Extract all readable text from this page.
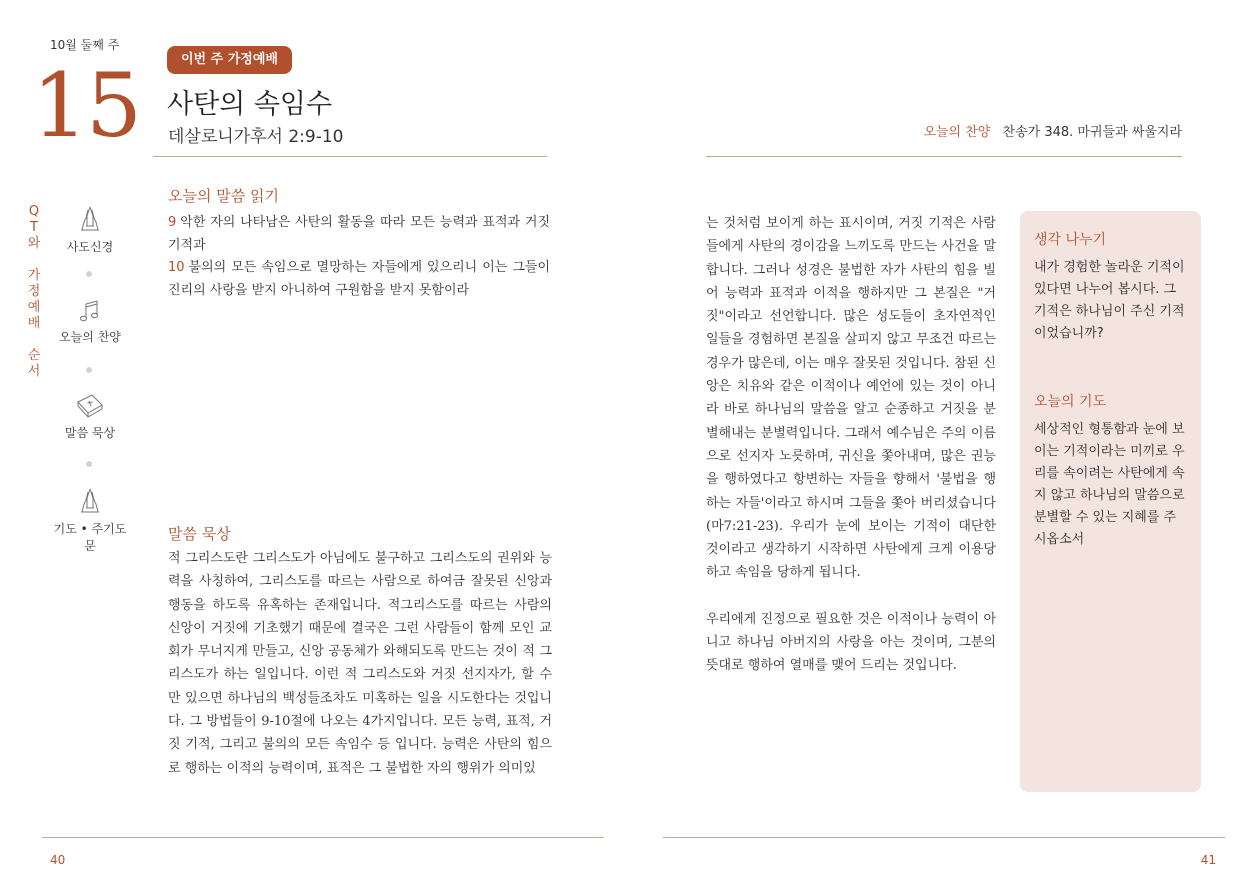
10월 둘째 주
15	이번 주 가정예배
사탄의 속임수
데살로니가후서 2:9-10	오늘의 찬양 찬송가 348. 마귀들과 싸울지라
Q
T
와
가
정
예
배
순
서
사도신경
오늘의 찬양
말씀 묵상
기도 • 주기도문
오늘의 말씀 읽기

9 악한 자의 나타남은 사탄의 활동을 따라 모든 능력과 표적과 거짓 기적과

10 불의의 모든 속임으로 멸망하는 자들에게 있으리니 이는 그들이 진리의 사랑을 받지 아니하여 구원함을 받지 못함이라

말씀 묵상
적 그리스도란 그리스도가 아님에도 불구하고 그리스도의 권위와 능력을 사칭하여, 그리스도를 따르는 사람으로 하여금 잘못된 신앙과 행동을 하도록 유혹하는 존재입니다. 적그리스도를 따르는 사람의 신앙이 거짓에 기초했기 때문에 결국은 그런 사람들이 함께 모인 교회가 무너지게 만들고, 신앙 공동체가 와해되도록 만드는 것이 적 그리스도가 하는 일입니다. 이런 적 그리스도와 거짓 선지자가, 할 수만 있으면 하나님의 백성들조차도 미혹하는 일을 시도한다는 것입니다. 그 방법들이 9-10절에 나오는 4가지입니다. 모든 능력, 표적, 거짓 기적, 그리고 불의의 모든 속임수 등 입니다. 능력은 사탄의 힘으로 행하는 이적의 능력이며, 표적은 그 불법한 자의 행위가 의미있

는 것처럼 보이게 하는 표시이며, 거짓 기적은 사람들에게 사탄의 경이감을 느끼도록 만드는 사건을 말합니다. 그러나 성경은 불법한 자가 사탄의 힘을 빌어 능력과 표적과 이적을 행하지만 그 본질은 "거짓"이라고 선언합니다. 많은 성도들이 초자연적인 일들을 경험하면 본질을 살피지 않고 무조건 따르는 경우가 많은데, 이는 매우 잘못된 것입니다. 참된 신앙은 치유와 같은 이적이나 예언에 있는 것이 아니라 바로 하나님의 말씀을 알고 순종하고 거짓을 분별해내는 분별력입니다. 그래서 예수님은 주의 이름으로 선지자 노릇하며, 귀신을 쫓아내며, 많은 권능을 행하였다고 항변하는 자들을 향해서 '불법을 행하는 자들'이라고 하시며 그들을 쫓아 버리셨습니다 (마7:21-23). 우리가 눈에 보이는 기적이 대단한 것이라고 생각하기 시작하면 사탄에게 크게 이용당하고 속임을 당하게 됩니다.

우리에게 진정으로 필요한 것은 이적이나 능력이 아니고 하나님 아버지의 사랑을 아는 것이며, 그분의 뜻대로 행하여 열매를 맺어 드리는 것입니다.

생각 나누기
내가 경험한 놀라운 기적이 있다면 나누어 봅시다. 그 기적은 하나님이 주신 기적이었습니까?
오늘의 기도
세상적인 형통함과 눈에 보이는 기적이라는 미끼로 우리를 속이려는 사탄에게 속지 않고 하나님의 말씀으로 분별할 수 있는 지혜를 주시옵소서
40	41
